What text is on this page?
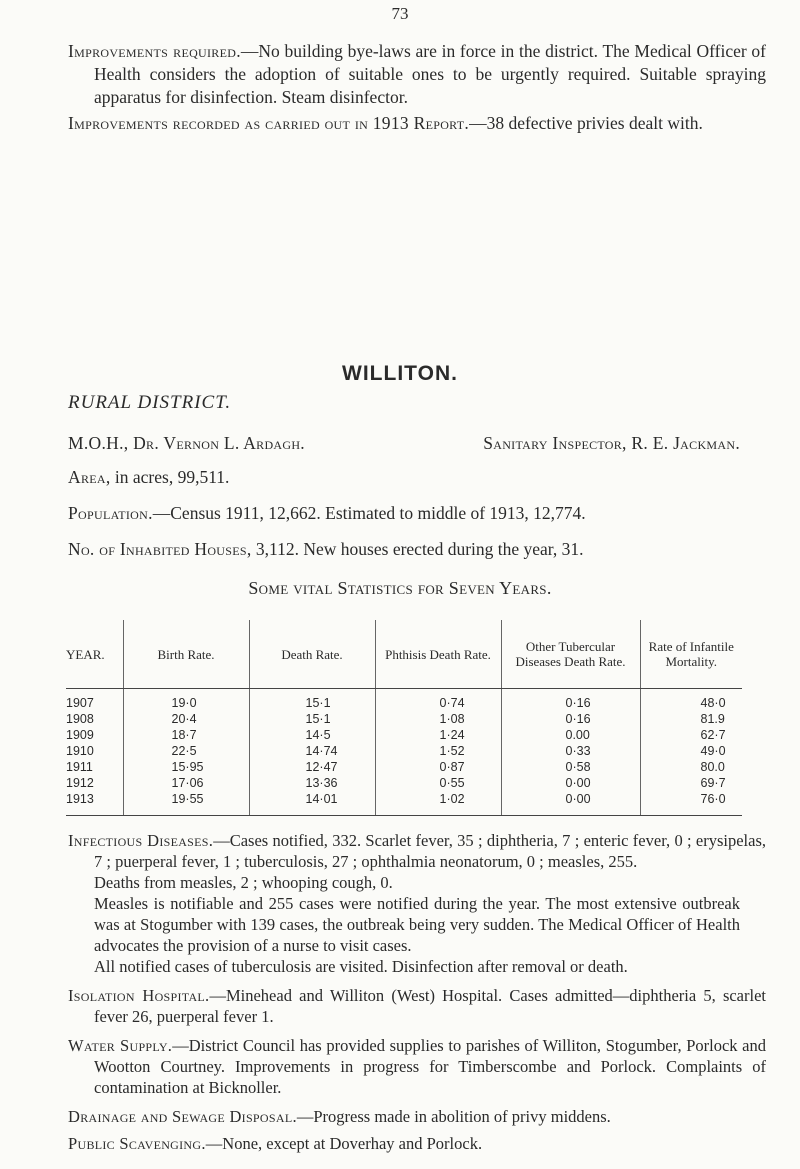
73
Improvements required.—No building bye-laws are in force in the district. The Medical Officer of Health considers the adoption of suitable ones to be urgently required. Suitable spraying apparatus for disinfection. Steam disinfector.
Improvements recorded as carried out in 1913 Report.—38 defective privies dealt with.
WILLITON.
RURAL DISTRICT.
M.O.H., Dr. Vernon L. Ardagh.	Sanitary Inspector, R. E. Jackman.
Area, in acres, 99,511.
Population.—Census 1911, 12,662. Estimated to middle of 1913, 12,774.
No. of Inhabited Houses, 3,112. New houses erected during the year, 31.
Some vital Statistics for Seven Years.
YEAR.	Birth Rate.	Death Rate.	Phthisis Death Rate.	Other Tubercular Diseases Death Rate.	Rate of Infantile Mortality.
1907	19·0	15·1	0·74	0·16	48·0
1908	20·4	15·1	1·08	0·16	81.9
1909	18·7	14·5	1·24	0.00	62·7
1910	22·5	14·74	1·52	0·33	49·0
1911	15·95	12·47	0·87	0·58	80.0
1912	17·06	13·36	0·55	0·00	69·7
1913	19·55	14·01	1·02	0·00	76·0
Infectious Diseases.—Cases notified, 332. Scarlet fever, 35 ; diphtheria, 7 ; enteric fever, 0 ; erysipelas, 7 ; puerperal fever, 1 ; tuberculosis, 27 ; ophthalmia neonatorum, 0 ; measles, 255.
Deaths from measles, 2 ; whooping cough, 0.
Measles is notifiable and 255 cases were notified during the year. The most extensive outbreak was at Stogumber with 139 cases, the outbreak being very sudden. The Medical Officer of Health advocates the provision of a nurse to visit cases.
All notified cases of tuberculosis are visited. Disinfection after removal or death.
Isolation Hospital.—Minehead and Williton (West) Hospital. Cases admitted—diphtheria 5, scarlet fever 26, puerperal fever 1.
Water Supply.—District Council has provided supplies to parishes of Williton, Stogumber, Porlock and Wootton Courtney. Improvements in progress for Timberscombe and Porlock. Complaints of contamination at Bicknoller.
Drainage and Sewage Disposal.—Progress made in abolition of privy middens.
Public Scavenging.—None, except at Doverhay and Porlock.
